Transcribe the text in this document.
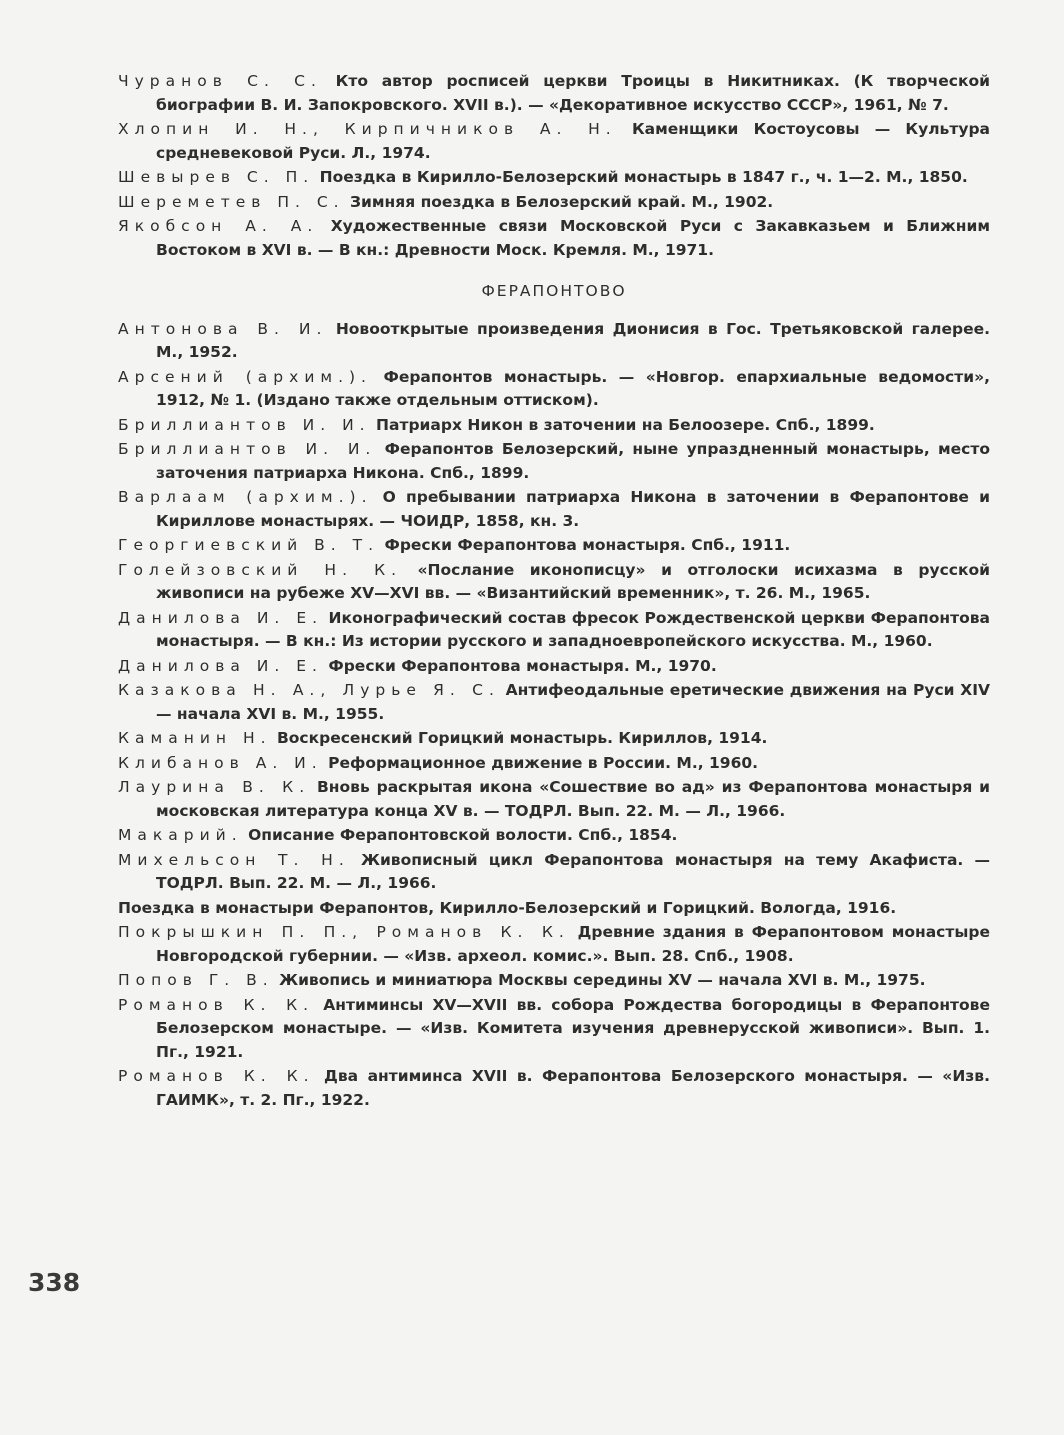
Чуранов С. С. Кто автор росписей церкви Троицы в Никитниках. (К творческой биографии В. И. Запокровского. XVII в.). — «Декоративное искусство СССР», 1961, № 7.
Хлопин И. Н., Кирпичников А. Н. Каменщики Костоусовы — Культура средневековой Руси. Л., 1974.
Шевырев С. П. Поездка в Кирилло-Белозерский монастырь в 1847 г., ч. 1—2. М., 1850.
Шереметев П. С. Зимняя поездка в Белозерский край. М., 1902.
Якобсон А. А. Художественные связи Московской Руси с Закавказьем и Ближним Востоком в XVI в. — В кн.: Древности Моск. Кремля. М., 1971.
ФЕРАПОНТОВО
Антонова В. И. Новооткрытые произведения Дионисия в Гос. Третьяковской галерее. М., 1952.
Арсений (архим.). Ферапонтов монастырь. — «Новгор. епархиальные ведомости», 1912, № 1. (Издано также отдельным оттиском).
Бриллиантов И. И. Патриарх Никон в заточении на Белоозере. Спб., 1899.
Бриллиантов И. И. Ферапонтов Белозерский, ныне упраздненный монастырь, место заточения патриарха Никона. Спб., 1899.
Варлаам (архим.). О пребывании патриарха Никона в заточении в Ферапонтове и Кириллове монастырях. — ЧОИДР, 1858, кн. 3.
Георгиевский В. Т. Фрески Ферапонтова монастыря. Спб., 1911.
Голейзовский Н. К. «Послание иконописцу» и отголоски исихазма в русской живописи на рубеже XV—XVI вв. — «Византийский временник», т. 26. М., 1965.
Данилова И. Е. Иконографический состав фресок Рождественской церкви Ферапонтова монастыря. — В кн.: Из истории русского и западноевропейского искусства. М., 1960.
Данилова И. Е. Фрески Ферапонтова монастыря. М., 1970.
Казакова Н. А., Лурье Я. С. Антифеодальные еретические движения на Руси XIV — начала XVI в. М., 1955.
Каманин Н. Воскресенский Горицкий монастырь. Кириллов, 1914.
Клибанов А. И. Реформационное движение в России. М., 1960.
Лаурина В. К. Вновь раскрытая икона «Сошествие во ад» из Ферапонтова монастыря и московская литература конца XV в. — ТОДРЛ. Вып. 22. М. — Л., 1966.
Макарий. Описание Ферапонтовской волости. Спб., 1854.
Михельсон Т. Н. Живописный цикл Ферапонтова монастыря на тему Акафиста. — ТОДРЛ. Вып. 22. М. — Л., 1966.
Поездка в монастыри Ферапонтов, Кирилло-Белозерский и Горицкий. Вологда, 1916.
Покрышкин П. П., Романов К. К. Древние здания в Ферапонтовом монастыре Новгородской губернии. — «Изв. археол. комис.». Вып. 28. Спб., 1908.
Попов Г. В. Живопись и миниатюра Москвы середины XV — начала XVI в. М., 1975.
Романов К. К. Антиминсы XV—XVII вв. собора Рождества богородицы в Ферапонтове Белозерском монастыре. — «Изв. Комитета изучения древнерусской живописи». Вып. 1. Пг., 1921.
Романов К. К. Два антиминса XVII в. Ферапонтова Белозерского монастыря. — «Изв. ГАИМК», т. 2. Пг., 1922.
338
